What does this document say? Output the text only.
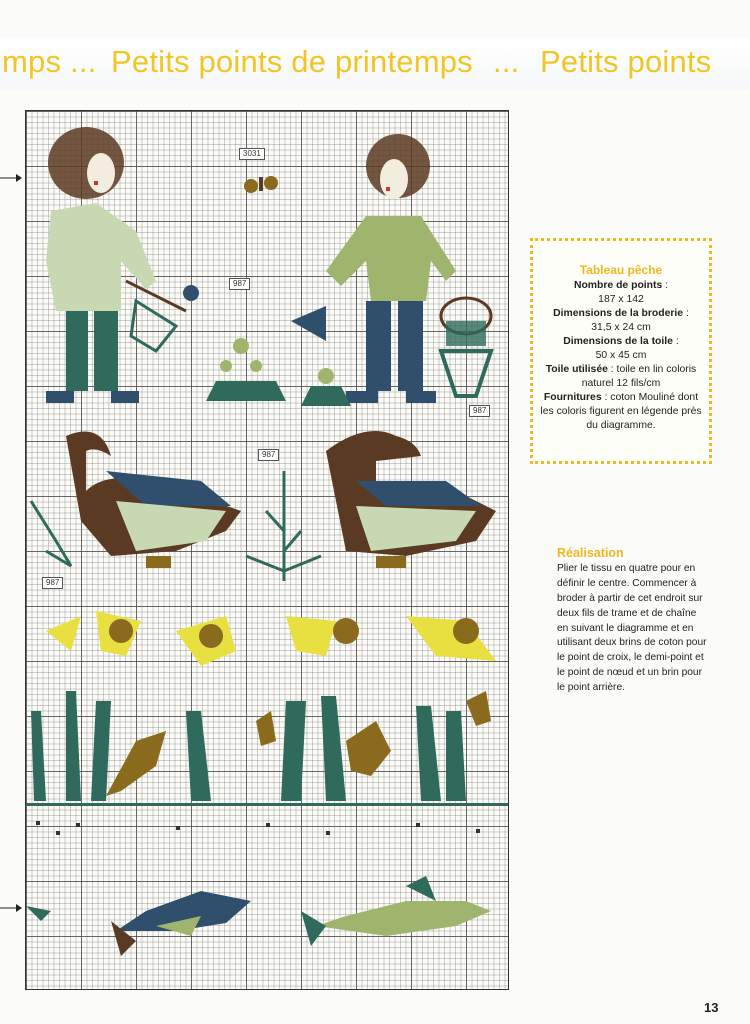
mps ... Petits points de printemps ... Petits points
3031
987
987
987
987
Tableau pêche
Nombre de points :
187 x 142
Dimensions de la broderie :
31,5 x 24 cm
Dimensions de la toile :
50 x 45 cm
Toile utilisée : toile en lin coloris naturel 12 fils/cm
Fournitures : coton Mouliné dont les coloris figurent en légende près du diagramme.
Réalisation
Plier le tissu en quatre pour en définir le centre. Commencer à broder à partir de cet endroit sur deux fils de trame et de chaîne en suivant le diagramme et en utilisant deux brins de coton pour le point de croix, le demi-point et le point de nœud et un brin pour le point arrière.
13
